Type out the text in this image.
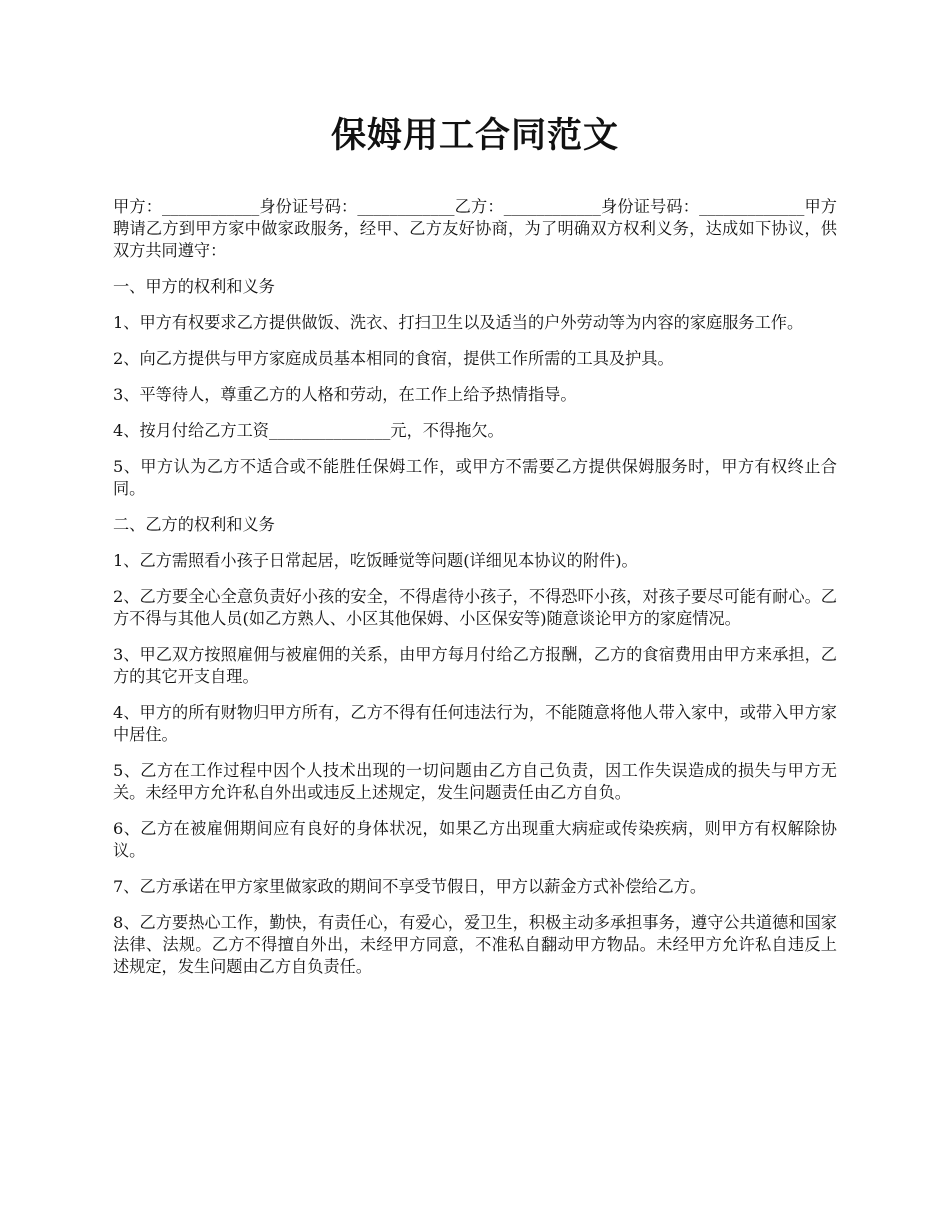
保姆用工合同范文

甲方：____________身份证号码：____________乙方：____________身份证号码：_____________甲方聘请乙方到甲方家中做家政服务，经甲、乙方友好协商，为了明确双方权利义务，达成如下协议，供双方共同遵守：

一、甲方的权利和义务

1、甲方有权要求乙方提供做饭、洗衣、打扫卫生以及适当的户外劳动等为内容的家庭服务工作。

2、向乙方提供与甲方家庭成员基本相同的食宿，提供工作所需的工具及护具。

3、平等待人，尊重乙方的人格和劳动，在工作上给予热情指导。

4、按月付给乙方工资_______________元，不得拖欠。

5、甲方认为乙方不适合或不能胜任保姆工作，或甲方不需要乙方提供保姆服务时，甲方有权终止合同。

二、乙方的权利和义务

1、乙方需照看小孩子日常起居，吃饭睡觉等问题(详细见本协议的附件)。

2、乙方要全心全意负责好小孩的安全，不得虐待小孩子，不得恐吓小孩，对孩子要尽可能有耐心。乙方不得与其他人员(如乙方熟人、小区其他保姆、小区保安等)随意谈论甲方的家庭情况。

3、甲乙双方按照雇佣与被雇佣的关系，由甲方每月付给乙方报酬，乙方的食宿费用由甲方来承担，乙方的其它开支自理。

4、甲方的所有财物归甲方所有，乙方不得有任何违法行为，不能随意将他人带入家中，或带入甲方家中居住。

5、乙方在工作过程中因个人技术出现的一切问题由乙方自己负责，因工作失误造成的损失与甲方无关。未经甲方允许私自外出或违反上述规定，发生问题责任由乙方自负。

6、乙方在被雇佣期间应有良好的身体状况，如果乙方出现重大病症或传染疾病，则甲方有权解除协议。

7、乙方承诺在甲方家里做家政的期间不享受节假日，甲方以薪金方式补偿给乙方。

8、乙方要热心工作，勤快，有责任心，有爱心，爱卫生，积极主动多承担事务，遵守公共道德和国家法律、法规。乙方不得擅自外出，未经甲方同意，不准私自翻动甲方物品。未经甲方允许私自违反上述规定，发生问题由乙方自负责任。
